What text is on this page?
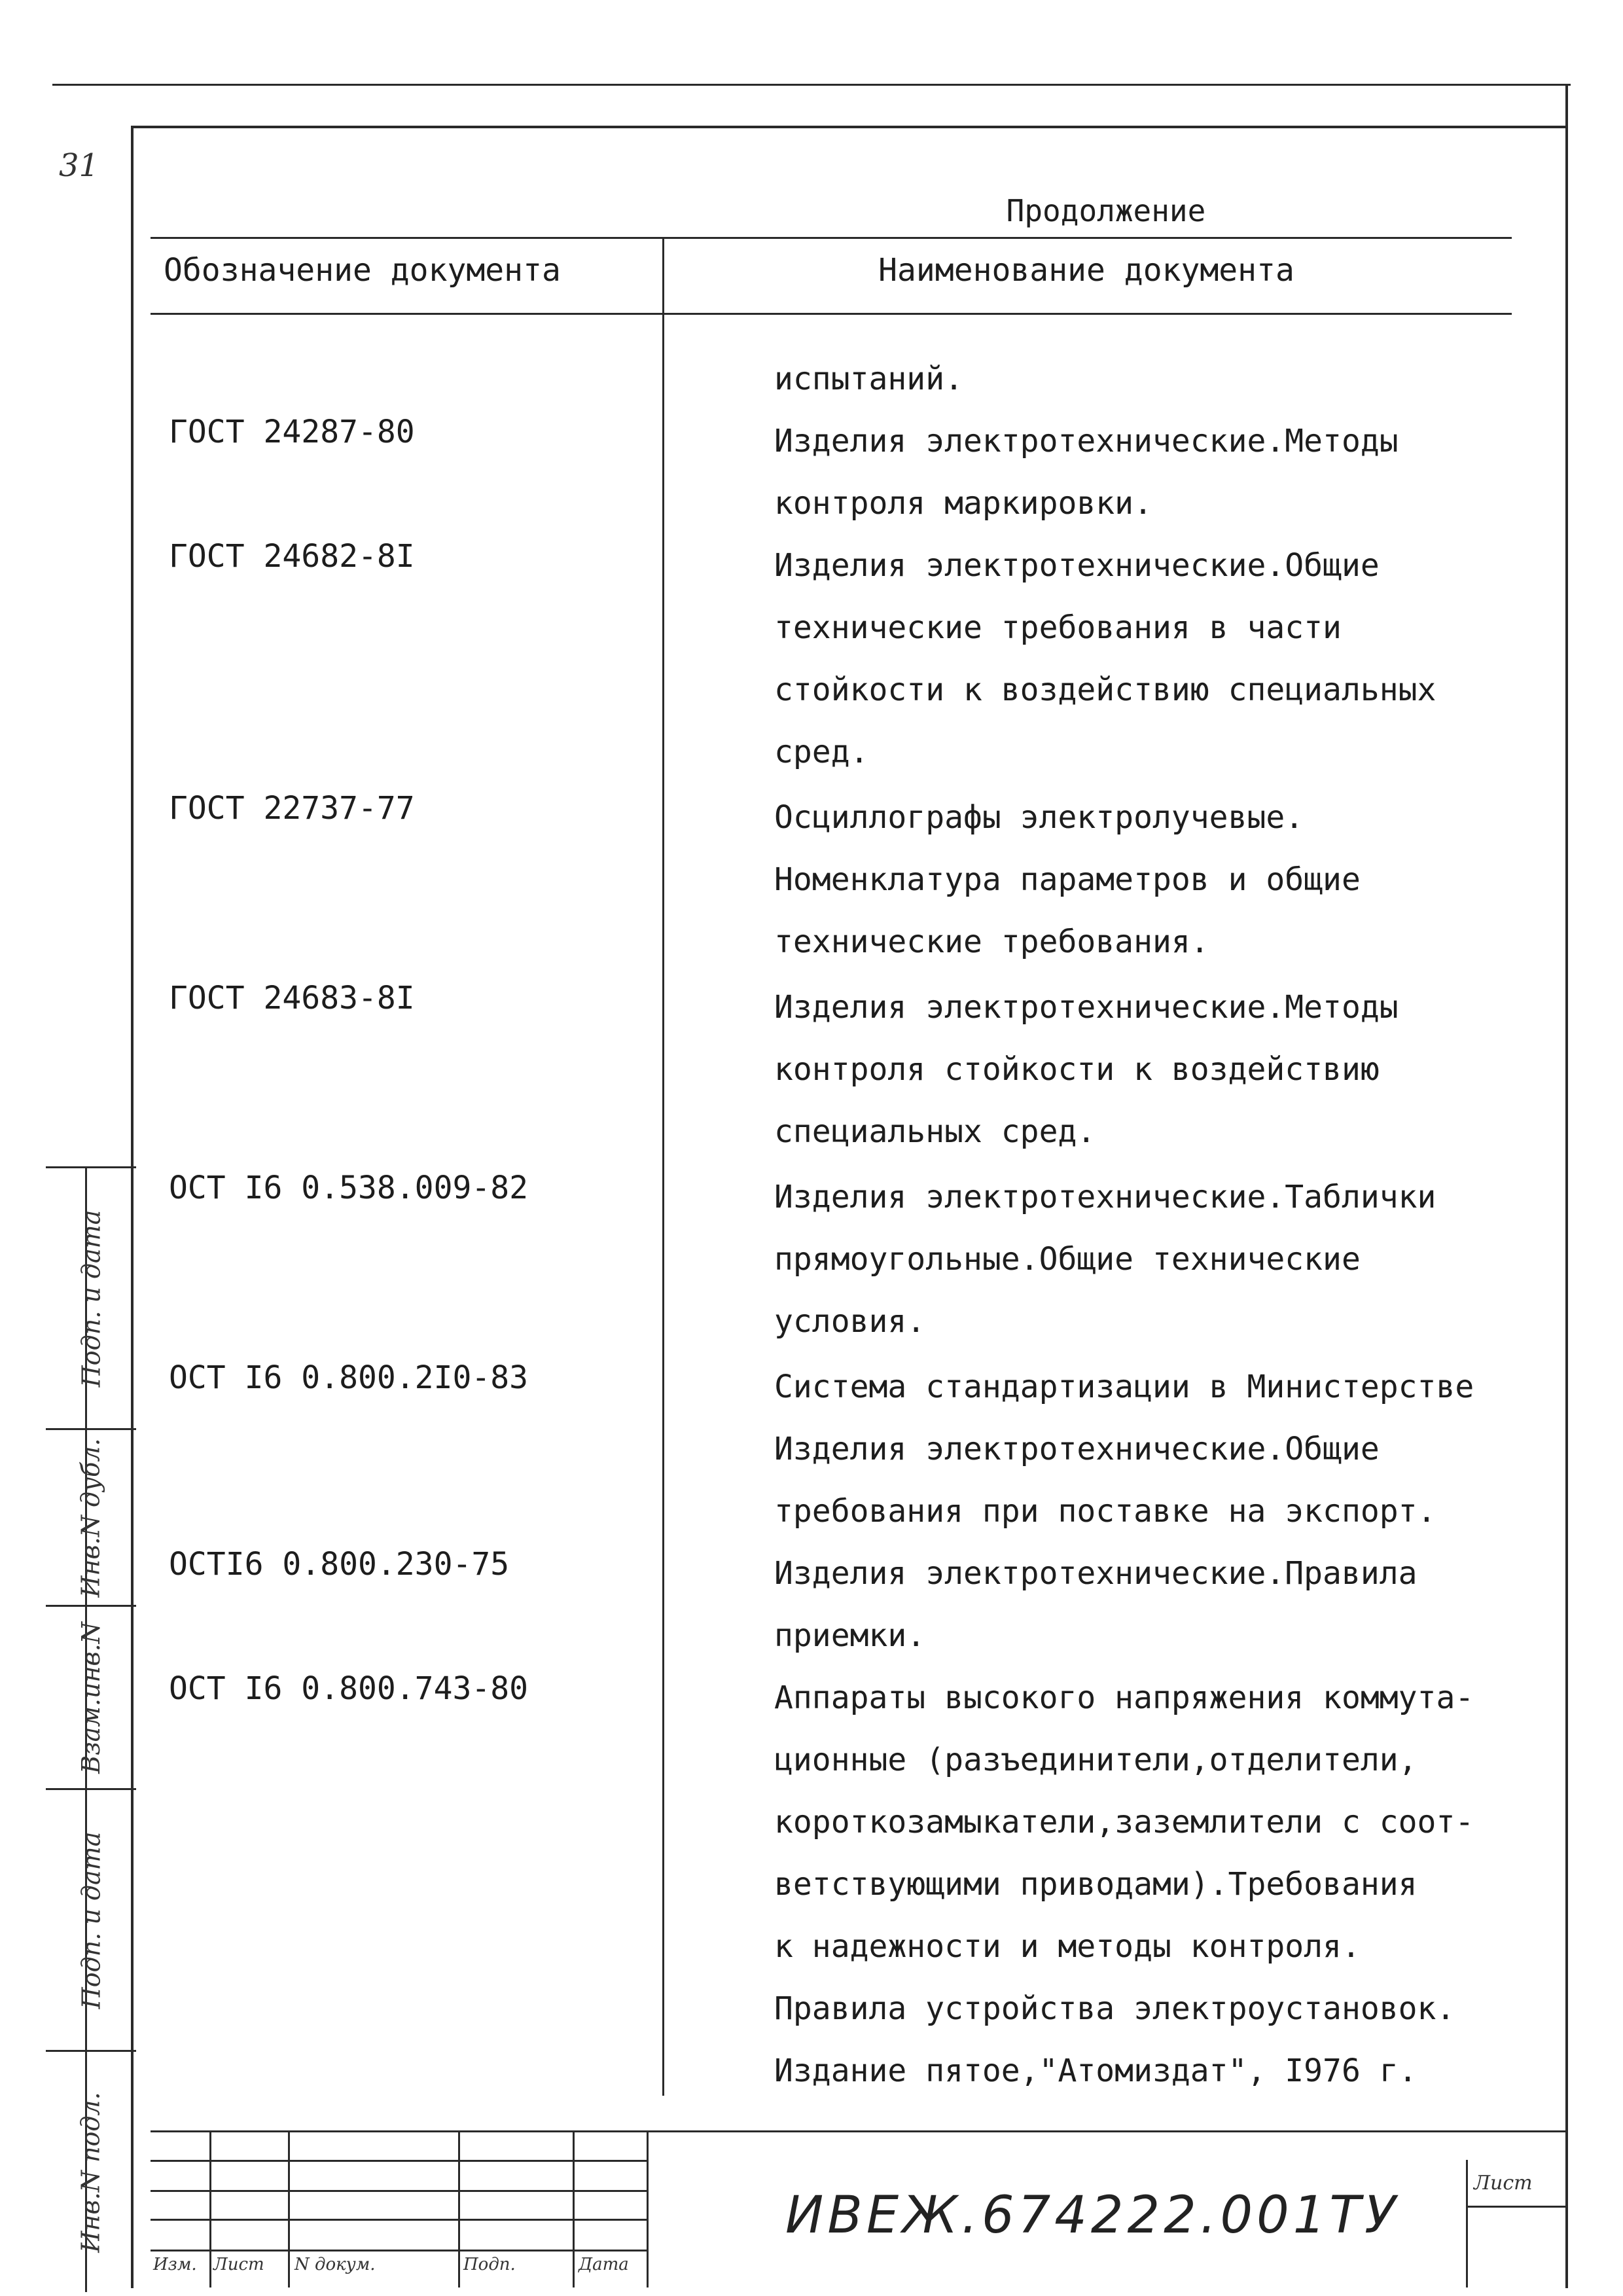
31
Продолжение
Обозначение документа	Наименование документа
испытаний.
ГОСТ 24287-80	Изделия электротехнические.Методы
контроля маркировки.
ГОСТ 24682-8I	Изделия электротехнические.Общие
технические требования в части
стойкости к воздействию специальных
сред.
ГОСТ 22737-77	Осциллографы электролучевые.
Номенклатура параметров и общие
технические требования.
ГОСТ 24683-8I	Изделия электротехнические.Методы
контроля стойкости к воздействию
специальных сред.
ОСТ I6 0.538.009-82	Изделия электротехнические.Таблички
прямоугольные.Общие технические
условия.
ОСТ I6 0.800.2I0-83	Система стандартизации в Министерстве
Изделия электротехнические.Общие
требования при поставке на экспорт.
ОСТI6 0.800.230-75	Изделия электротехнические.Правила
приемки.
ОСТ I6 0.800.743-80	Аппараты высокого напряжения коммута-
ционные (разъединители,отделители,
короткозамыкатели,заземлители с соот-
ветствующими приводами).Требования
к надежности и методы контроля.
Правила устройства электроустановок.
Издание пятое,"Атомиздат", I976 г.
Подп. и дата
Инв.N дубл.
Взам.инв.N
Подп. и дата
Инв.N подл.
Изм. Лист N докум.	Подп.	Дата
ИВЕЖ.674222.001ТУ
Лист
